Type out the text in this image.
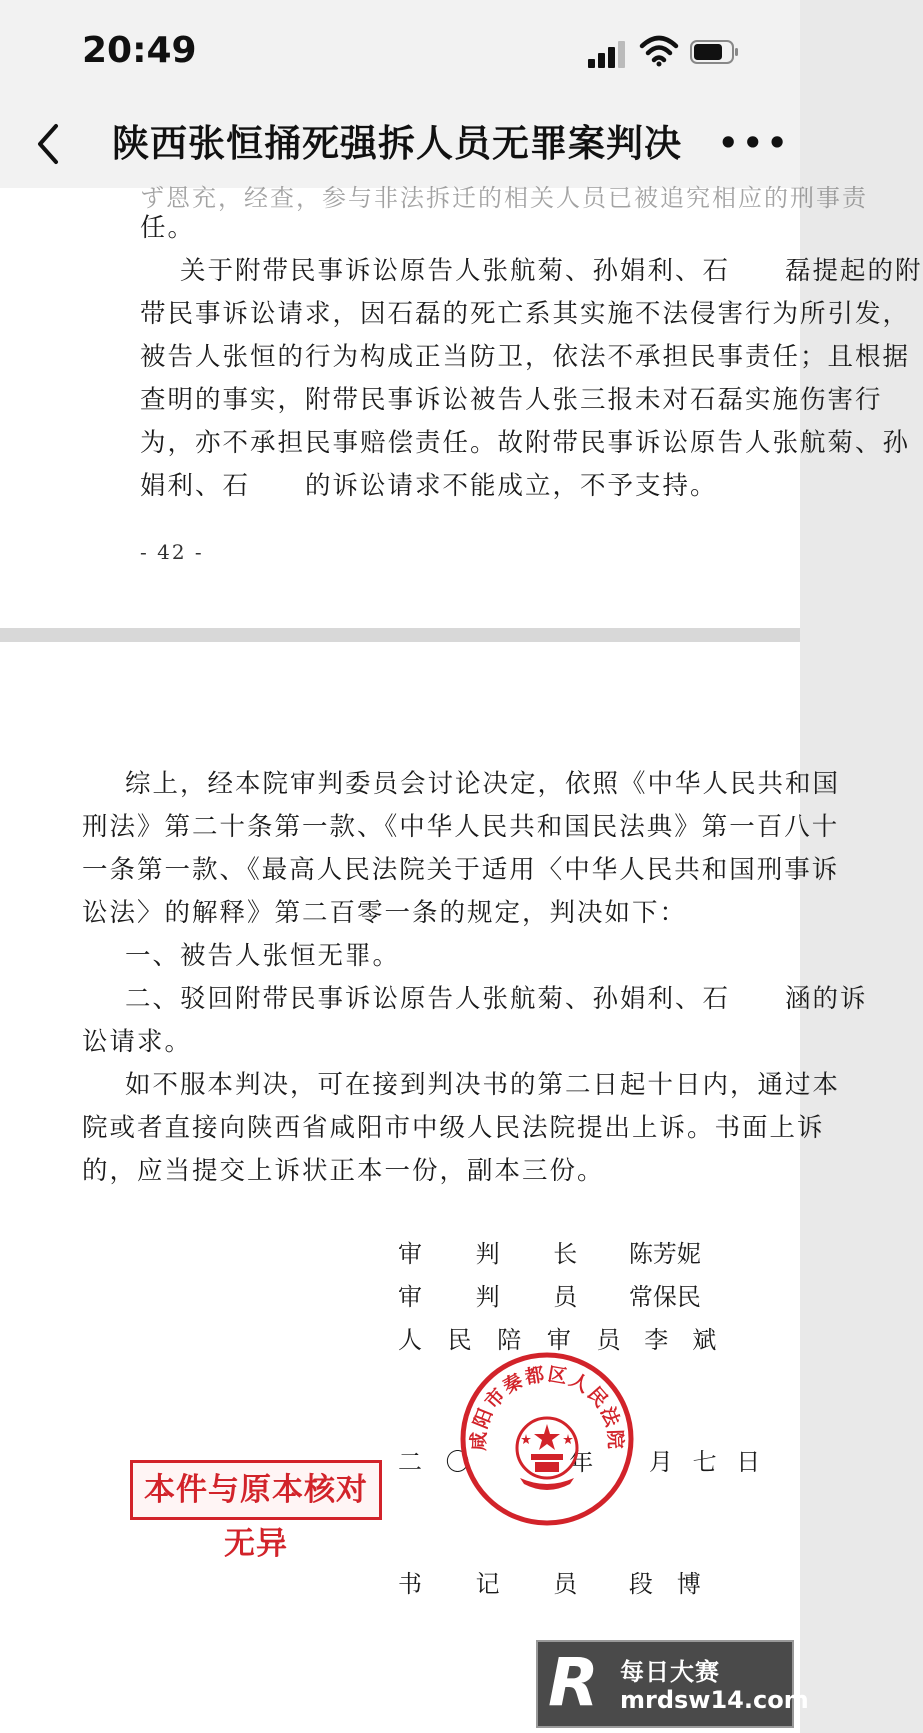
20:49
陕西张恒捅死强拆人员无罪案判决 •••
ず恩充，经查，参与非法拆迁的相关人员已被追究相应的刑事责
任。
关于附带民事诉讼原告人张航菊、孙娟利、石　　磊提起的附
带民事诉讼请求，因石磊的死亡系其实施不法侵害行为所引发，
被告人张恒的行为构成正当防卫，依法不承担民事责任；且根据
查明的事实，附带民事诉讼被告人张三报未对石磊实施伤害行
为，亦不承担民事赔偿责任。故附带民事诉讼原告人张航菊、孙
娟利、石　　的诉讼请求不能成立，不予支持。
- 42 -
综上，经本院审判委员会讨论决定，依照《中华人民共和国
刑法》第二十条第一款、《中华人民共和国民法典》第一百八十
一条第一款、《最高人民法院关于适用〈中华人民共和国刑事诉
讼法〉的解释》第二百零一条的规定，判决如下：
一、被告人张恒无罪。
二、驳回附带民事诉讼原告人张航菊、孙娟利、石　　涵的诉
讼请求。
如不服本判决，可在接到判决书的第二日起十日内，通过本
院或者直接向陕西省咸阳市中级人民法院提出上诉。书面上诉
的，应当提交上诉状正本一份，副本三份。
审 判 长 陈芳妮
审 判 员 常保民
人 民 陪 审 员 李　斌
二 〇	年 月 七 日
书 记 员 段　博
咸阳市秦都区人民法院
本件与原本核对无异
R 每日大赛
mrdsw14.com
